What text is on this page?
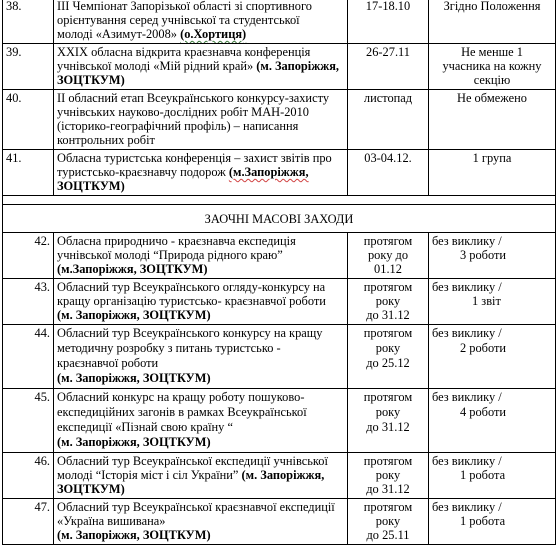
38.	III Чемпіонат Запорізької області зі спортивного
орієнтування серед учнівської та студентської
молоді «Азимут-2008» (о.Хортиця)	17-18.10	Згідно Положення
39.	XXIX обласна відкрита краєзнавча конференція
учнівської молоді «Мій рідний край» (м. Запоріжжя, ЗОЦТКУМ)	26-27.11	Не менше 1
учасника на кожну
секцію
40.	ІІ обласний етап Всеукраїнського конкурсу-захисту
учнівських науково-дослідних робіт МАН-2010
(історико-географічний профіль) – написання
контрольних робіт	листопад	Не обмежено
41.	Обласна туристська конференція – захист звітів про
туристсько-краєзнавчу подорож (м.Запоріжжя,
ЗОЦТКУМ)	03-04.12.	1 група

ЗАОЧНІ МАСОВІ ЗАХОДИ			
42.	Обласна природничо - краєзнавча експедиція
учнівської молоді “Природа рідного краю”
(м.Запоріжжя, ЗОЦТКУМ)	протягом
року до
01.12	без виклику /
3 роботи
43.	Обласний тур Всеукраїнського огляду-конкурсу на
кращу організацію туристсько- краєзнавчої роботи
(м. Запоріжжя, ЗОЦТКУМ)	протягом
року
до 31.12	без виклику /
1 звіт
44.	Обласний тур Всеукраїнського конкурсу на кращу
методичну розробку з питань туристсько -
краєзнавчої роботи
(м. Запоріжжя, ЗОЦТКУМ)	протягом
року
до 25.12	без виклику /
2 роботи
45.	Обласний конкурс на кращу роботу пошуково-
експедиційних загонів в рамках Всеукраїнської
експедиції «Пізнай свою країну “
(м. Запоріжжя, ЗОЦТКУМ)	протягом
року
до 31.12	без виклику /
4 роботи
46.	Обласний тур Всеукраїнської експедиції учнівської
молоді “Історія міст і сіл України” (м. Запоріжжя,
ЗОЦТКУМ)	протягом
року
до 31.12	без виклику /
1 робота
47.	Обласний тур Всеукраїнської краєзнавчої експедиції
«Україна вишивана»
(м. Запоріжжя, ЗОЦТКУМ)	протягом
року
до 25.11	без виклику /
1 робота
